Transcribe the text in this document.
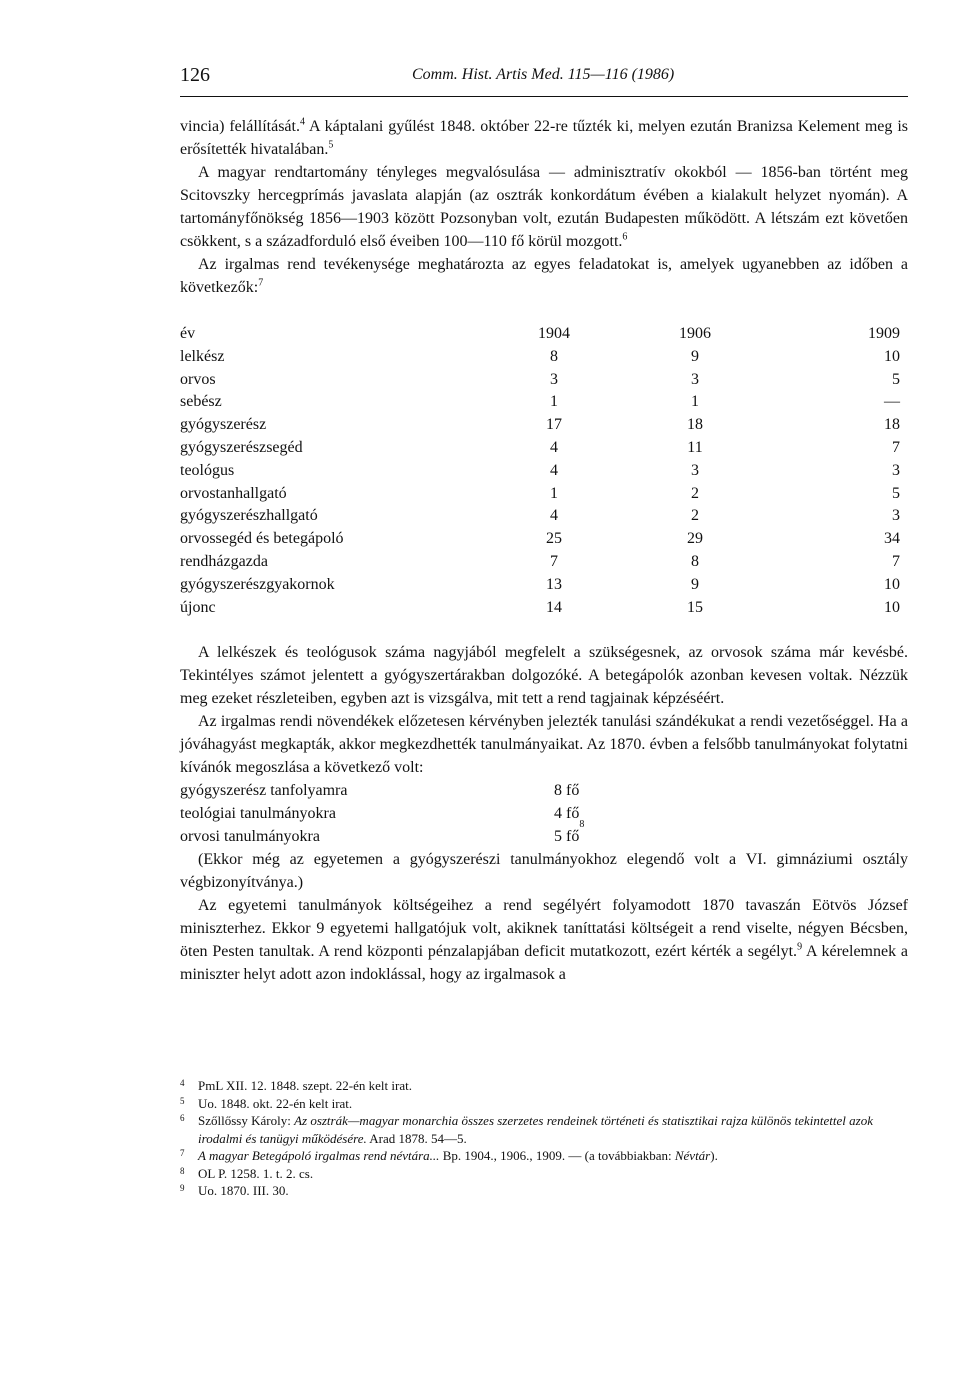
126	Comm. Hist. Artis Med. 115—116 (1986)

vincia) felállítását.$^4$ A káptalani gyűlést 1848. október 22-re tűzték ki, melyen ezután Branizsa Kelement meg is erősítették hivatalában.$^5$

A magyar rendtartomány tényleges megvalósulása — adminisztratív okokból — 1856-ban történt meg Scitovszky hercegprímás javaslata alapján (az osztrák konkordátum évében a kialakult helyzet nyomán). A tartományfőnökség 1856—1903 között Pozsonyban volt, ezután Budapesten működött. A létszám ezt követően csökkent, s a századforduló első éveiben 100—110 fő körül mozgott.$^6$

Az irgalmas rend tevékenysége meghatározta az egyes feladatokat is, amelyek ugyanebben az időben a következők:$^7$

év	1904		1906	1909
lelkész	8		9	10
orvos	3		3	5
sebész	1		1	—
gyógyszerész	17		18	18
gyógyszerészsegéd	4		11	7
teológus	4		3	3
orvostanhallgató	1		2	5
gyógyszerészhallgató	4		2	3
orvossegéd és betegápoló	25		29	34
rendházgazda	7		8	7
gyógyszerészgyakornok	13		9	10
újonc	14		15	10

A lelkészek és teológusok száma nagyjából megfelelt a szükségesnek, az orvosok száma már kevésbé. Tekintélyes számot jelentett a gyógyszertárakban dolgozóké. A betegápolók azonban kevesen voltak. Nézzük meg ezeket részleteiben, egyben azt is vizsgálva, mit tett a rend tagjainak képzéséért.

Az irgalmas rendi növendékek előzetesen kérvényben jelezték tanulási szándékukat a rendi vezetőséggel. Ha a jóváhagyást megkapták, akkor megkezdhették tanulmányaikat. Az 1870. évben a felsőbb tanulmányokat folytatni kívánók megoszlása a következő volt:

gyógyszerész tanfolyamra	8 fő
teológiai tanulmányokra	4 fő
orvosi tanulmányokra	5 fő
8

(Ekkor még az egyetemen a gyógyszerészi tanulmányokhoz elegendő volt a VI. gimnáziumi osztály végbizonyítványa.)

Az egyetemi tanulmányok költségeihez a rend segélyért folyamodott 1870 tavaszán Eötvös József miniszterhez. Ekkor 9 egyetemi hallgatójuk volt, akiknek taníttatási költségeit a rend viselte, négyen Bécsben, öten Pesten tanultak. A rend központi pénzalapjában deficit mutatkozott, ezért kérték a segélyt.$^9$ A kérelemnek a miniszter helyt adott azon indoklással, hogy az irgalmasok a

$^4$ PmL XII. 12. 1848. szept. 22-én kelt irat.
$^5$ Uo. 1848. okt. 22-én kelt irat.
$^6$ Szőllőssy Károly: Az osztrák—magyar monarchia összes szerzetes rendeinek történeti és statisztikai rajza különös tekintettel azok irodalmi és tanügyi működésére. Arad 1878. 54—5.
$^7$ A magyar Betegápoló irgalmas rend névtára... Bp. 1904., 1906., 1909. — (a továbbiakban: Névtár).
$^8$ OL P. 1258. 1. t. 2. cs.
$^9$ Uo. 1870. III. 30.
